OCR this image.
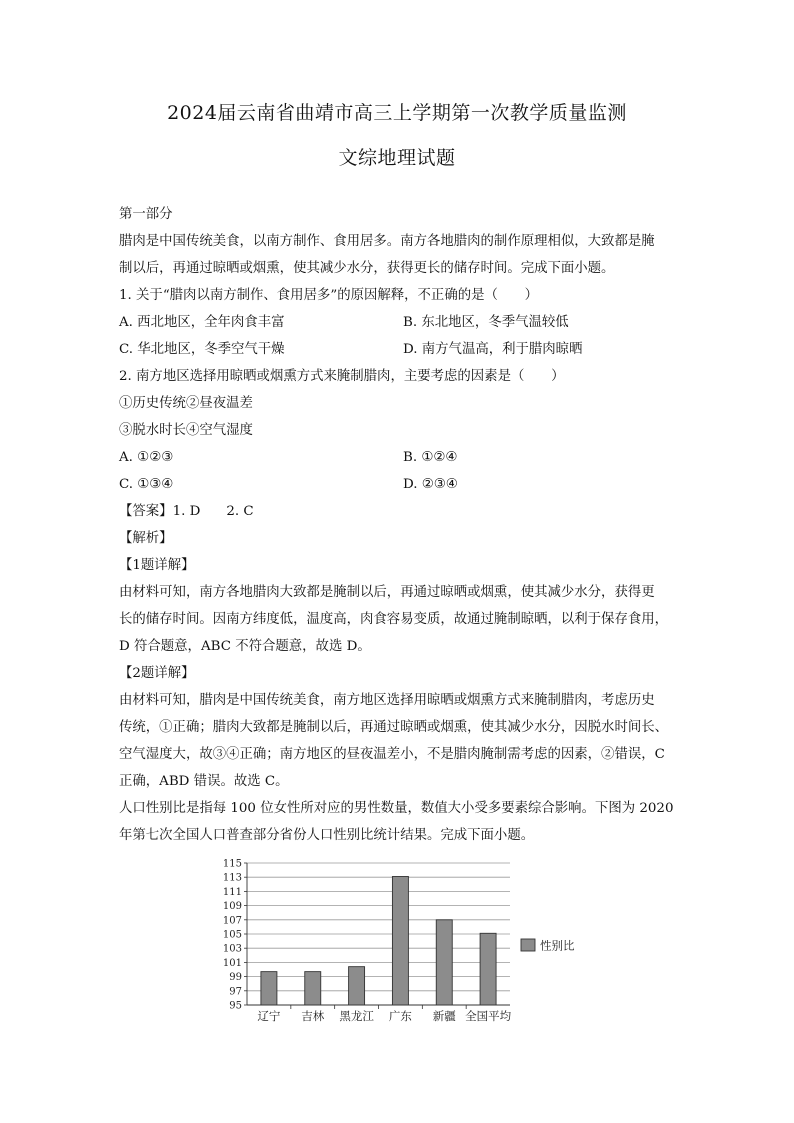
2024届云南省曲靖市高三上学期第一次教学质量监测
文综地理试题

第一部分

腊肉是中国传统美食，以南方制作、食用居多。南方各地腊肉的制作原理相似，大致都是腌

制以后，再通过晾晒或烟熏，使其减少水分，获得更长的储存时间。完成下面小题。

1. 关于“腊肉以南方制作、食用居多”的原因解释，不正确的是（　　）

A. 西北地区，全年肉食丰富	B. 东北地区，冬季气温较低
C. 华北地区，冬季空气干燥	D. 南方气温高，利于腊肉晾晒

2. 南方地区选择用晾晒或烟熏方式来腌制腊肉，主要考虑的因素是（　　）

①历史传统②昼夜温差

③脱水时长④空气湿度

A. ①②③	B. ①②④
C. ①③④	D. ②③④

【答案】1. D 2. C

【解析】

【1题详解】

由材料可知，南方各地腊肉大致都是腌制以后，再通过晾晒或烟熏，使其减少水分，获得更

长的储存时间。因南方纬度低，温度高，肉食容易变质，故通过腌制晾晒，以利于保存食用，

D 符合题意，ABC 不符合题意，故选 D。

【2题详解】

由材料可知，腊肉是中国传统美食，南方地区选择用晾晒或烟熏方式来腌制腊肉，考虑历史

传统，①正确；腊肉大致都是腌制以后，再通过晾晒或烟熏，使其减少水分，因脱水时间长、

空气湿度大，故③④正确；南方地区的昼夜温差小，不是腊肉腌制需考虑的因素，②错误，C

正确，ABD 错误。故选 C。

人口性别比是指每 100 位女性所对应的男性数量，数值大小受多要素综合影响。下图为 2020

年第七次全国人口普查部分省份人口性别比统计结果。完成下面小题。

95
97
99
101
103
105
107
109
111
113
115
辽宁 吉林 黑龙江 广东 新疆 全国平均
性别比
